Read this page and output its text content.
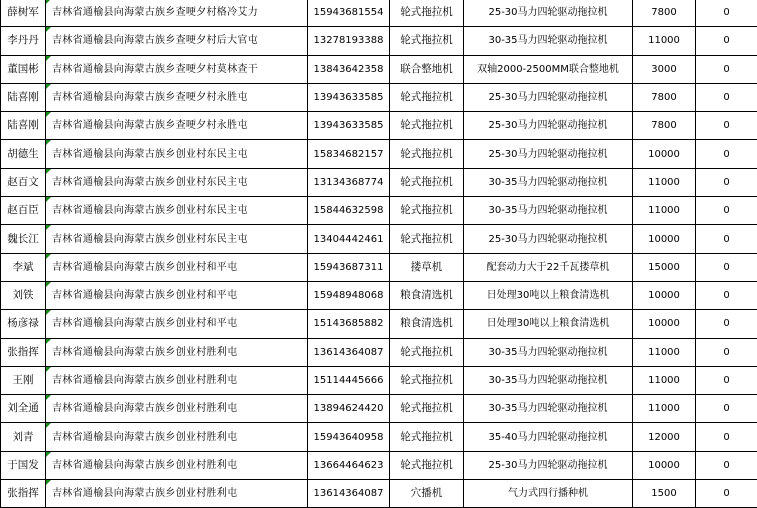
薛树军	吉林省通榆县向海蒙古族乡查哽夕村格冷艾力	15943681554	轮式拖拉机	25-30马力四轮驱动拖拉机	7800	0
李丹丹	吉林省通榆县向海蒙古族乡查哽夕村后大官屯	13278193388	轮式拖拉机	30-35马力四轮驱动拖拉机	11000	0
董国彬	吉林省通榆县向海蒙古族乡查哽夕村莫林查干	13843642358	联合整地机	双轴2000-2500MM联合整地机	3000	0
陆喜刚	吉林省通榆县向海蒙古族乡查哽夕村永胜屯	13943633585	轮式拖拉机	25-30马力四轮驱动拖拉机	7800	0
陆喜刚	吉林省通榆县向海蒙古族乡查哽夕村永胜屯	13943633585	轮式拖拉机	25-30马力四轮驱动拖拉机	7800	0
胡德生	吉林省通榆县向海蒙古族乡创业村东民主屯	15834682157	轮式拖拉机	25-30马力四轮驱动拖拉机	10000	0
赵百文	吉林省通榆县向海蒙古族乡创业村东民主屯	13134368774	轮式拖拉机	30-35马力四轮驱动拖拉机	11000	0
赵百臣	吉林省通榆县向海蒙古族乡创业村东民主屯	15844632598	轮式拖拉机	30-35马力四轮驱动拖拉机	11000	0
魏长江	吉林省通榆县向海蒙古族乡创业村东民主屯	13404442461	轮式拖拉机	25-30马力四轮驱动拖拉机	10000	0
李斌	吉林省通榆县向海蒙古族乡创业村和平屯	15943687311	搂草机	配套动力大于22千瓦搂草机	15000	0
刘铁	吉林省通榆县向海蒙古族乡创业村和平屯	15948948068	粮食清选机	日处理30吨以上粮食清选机	10000	0
杨彦禄	吉林省通榆县向海蒙古族乡创业村和平屯	15143685882	粮食清选机	日处理30吨以上粮食清选机	10000	0
张指挥	吉林省通榆县向海蒙古族乡创业村胜利屯	13614364087	轮式拖拉机	30-35马力四轮驱动拖拉机	11000	0
王刚	吉林省通榆县向海蒙古族乡创业村胜利屯	15114445666	轮式拖拉机	30-35马力四轮驱动拖拉机	11000	0
刘全通	吉林省通榆县向海蒙古族乡创业村胜利屯	13894624420	轮式拖拉机	30-35马力四轮驱动拖拉机	11000	0
刘青	吉林省通榆县向海蒙古族乡创业村胜利屯	15943640958	轮式拖拉机	35-40马力四轮驱动拖拉机	12000	0
于国发	吉林省通榆县向海蒙古族乡创业村胜利屯	13664464623	轮式拖拉机	25-30马力四轮驱动拖拉机	10000	0
张指挥	吉林省通榆县向海蒙古族乡创业村胜利屯	13614364087	穴播机	气力式四行播种机	1500	0
